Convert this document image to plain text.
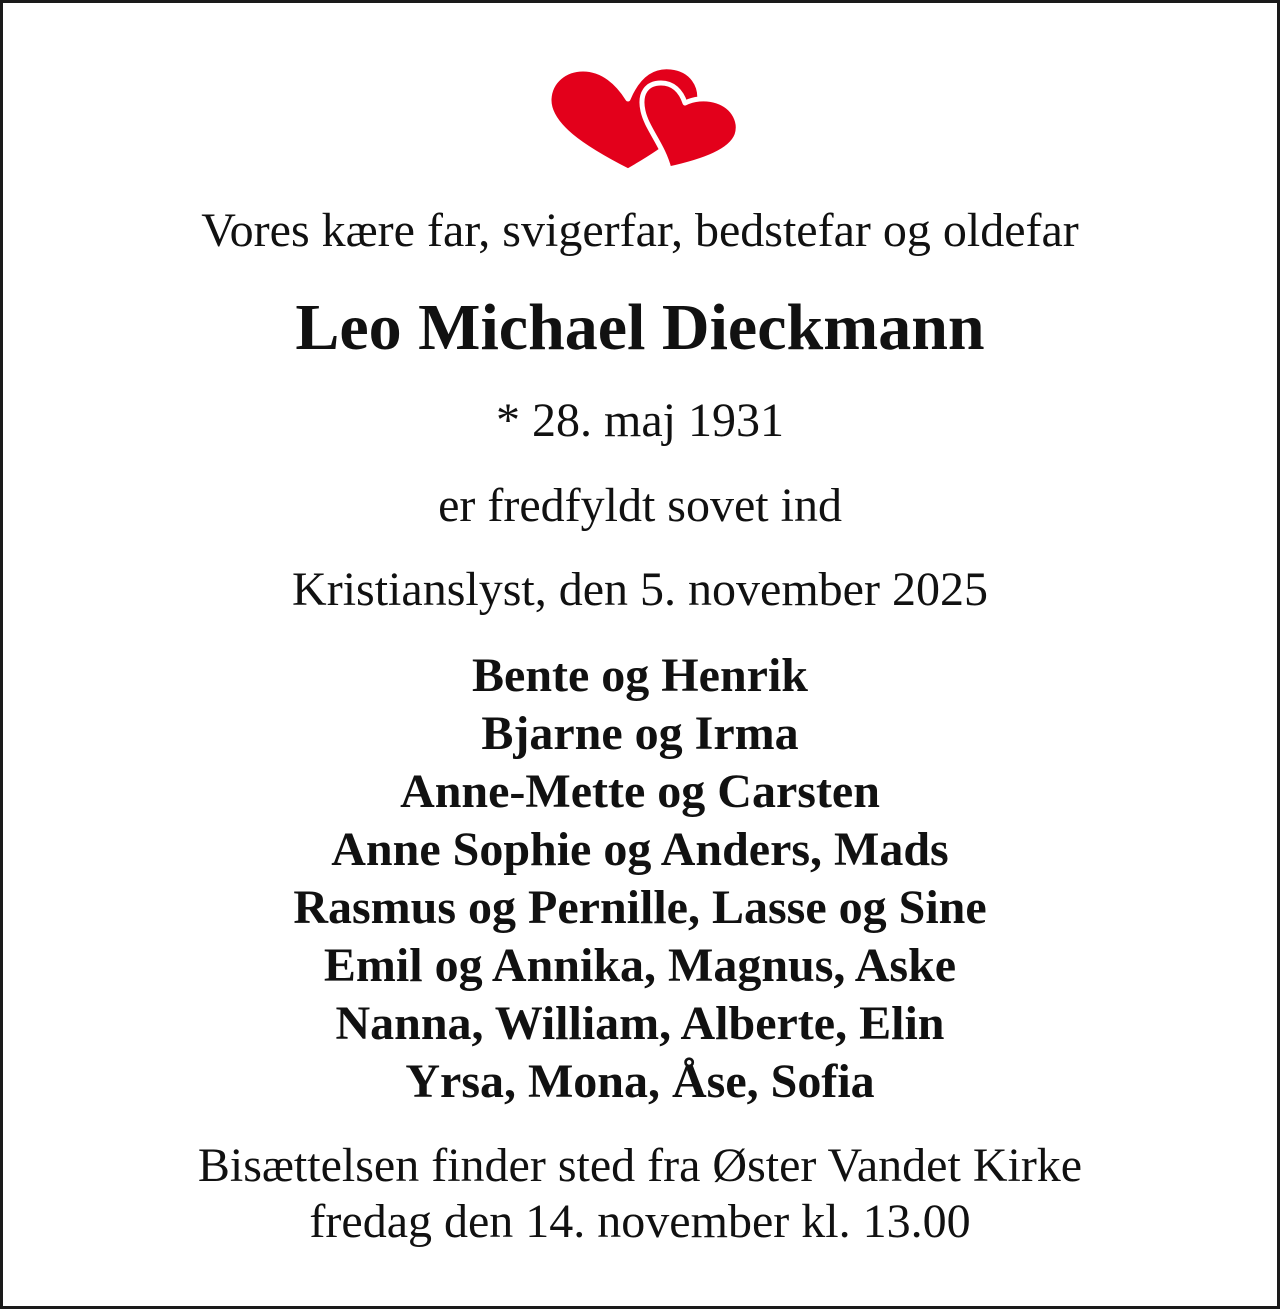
Vores kære far, svigerfar, bedstefar og oldefar
Leo Michael Dieckmann
* 28. maj 1931
er fredfyldt sovet ind
Kristianslyst, den 5. november 2025
Bente og Henrik
Bjarne og Irma
Anne-Mette og Carsten
Anne Sophie og Anders, Mads
Rasmus og Pernille, Lasse og Sine
Emil og Annika, Magnus, Aske
Nanna, William, Alberte, Elin
Yrsa, Mona, Åse, Sofia
Bisættelsen finder sted fra Øster Vandet Kirke
fredag den 14. november kl. 13.00
